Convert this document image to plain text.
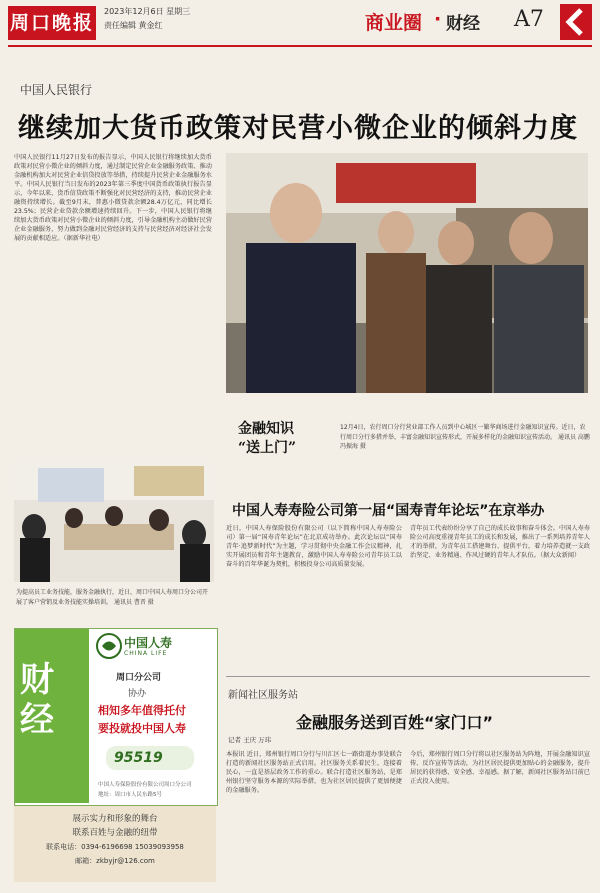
周口晚报
2023年12月6日 星期三
责任编辑 黄金红	商业圈 · 财经 A7
中国人民银行
继续加大货币政策对民营小微企业的倾斜力度
中国人民银行11月27日发布的报告显示，中国人民银行将继续加大货币政策对民营小微企业的倾斜力度，通过制定民营企业金融服务政策、推动金融机构加大对民营企业信贷投放等举措，持续提升民营企业金融服务水平。中国人民银行当日发布的2023年第三季度中国货币政策执行报告显示，今年以来，货币信贷政策不断强化对民营经济的支持，推动民营企业融资持续增长。截至9月末，普惠小微贷款余额28.4万亿元，同比增长23.5%；民营企业贷款余额增速持续回升。下一步，中国人民银行将继续加大货币政策对民营小微企业的倾斜力度，引导金融机构主动做好民营企业金融服务，努力做到金融对民营经济的支持与民营经济对经济社会发展的贡献相适应。（据新华社电）
金融知识
“送上门”
12月4日，农行周口分行营业部工作人员到中心城区一繁华商场进行金融知识宣传。近日，农行周口分行多措并举，丰富金融知识宣传形式，开展多样化的金融知识宣传活动。 通讯员 高鹏 冯振海 摄
为提高员工业务技能，服务金融执行，近日，周口中国人寿周口分公司开展了客户营销及业务技能实操培训。 通讯员 曹晋 摄
中国人寿寿险公司第一届“国寿青年论坛”在京举办
近日，中国人寿保险股份有限公司（以下简称中国人寿寿险公司）第一届“国寿青年论坛”在北京成功举办。此次论坛以“国寿青年·追梦新时代”为主题，学习贯彻中央金融工作会议精神，扎实开展团员和青年主题教育，激励中国人寿寿险公司青年员工以奋斗的百年华诞为契机，积极投身公司高质量发展。
青年员工代表纷纷分享了自己的成长故事和奋斗体会。中国人寿寿险公司高度重视青年员工的成长和发展，推出了一系列培养青年人才的举措，为青年员工搭建舞台、提供平台，着力培养造就一支政治坚定、业务精通、作风过硬的青年人才队伍。（据大众新闻）
新闻社区服务站
金融服务送到百姓“家门口”
记者 王庆 万玮
本报讯 近日，郑州银行周口分行与川汇区七一路街道办事处联合打造的新闻社区服务站正式启用。社区服务关系着民生，连接着民心，一直是基层政务工作的重心。联合打造社区服务站，是郑州银行坚守服务本源的实际举措，也为社区居民提供了更加便捷的金融服务。
今后，郑州银行周口分行将以社区服务站为阵地，开展金融知识宣传、反诈宣传等活动，为社区居民提供更加贴心的金融服务，提升居民的获得感、安全感、幸福感。据了解，新闻社区服务站目前已正式投入使用。
财
经
中国人寿
CHINA LIFE
周口分公司
协办
相知多年值得托付
要投就投中国人寿
95519
中国人寿保险股份有限公司周口分公司
地址：周口市人民东路5号
展示实力和形象的舞台
联系百姓与金融的纽带
联系电话：0394-6196698 15039093958
邮箱：zkbyjr@126.com
